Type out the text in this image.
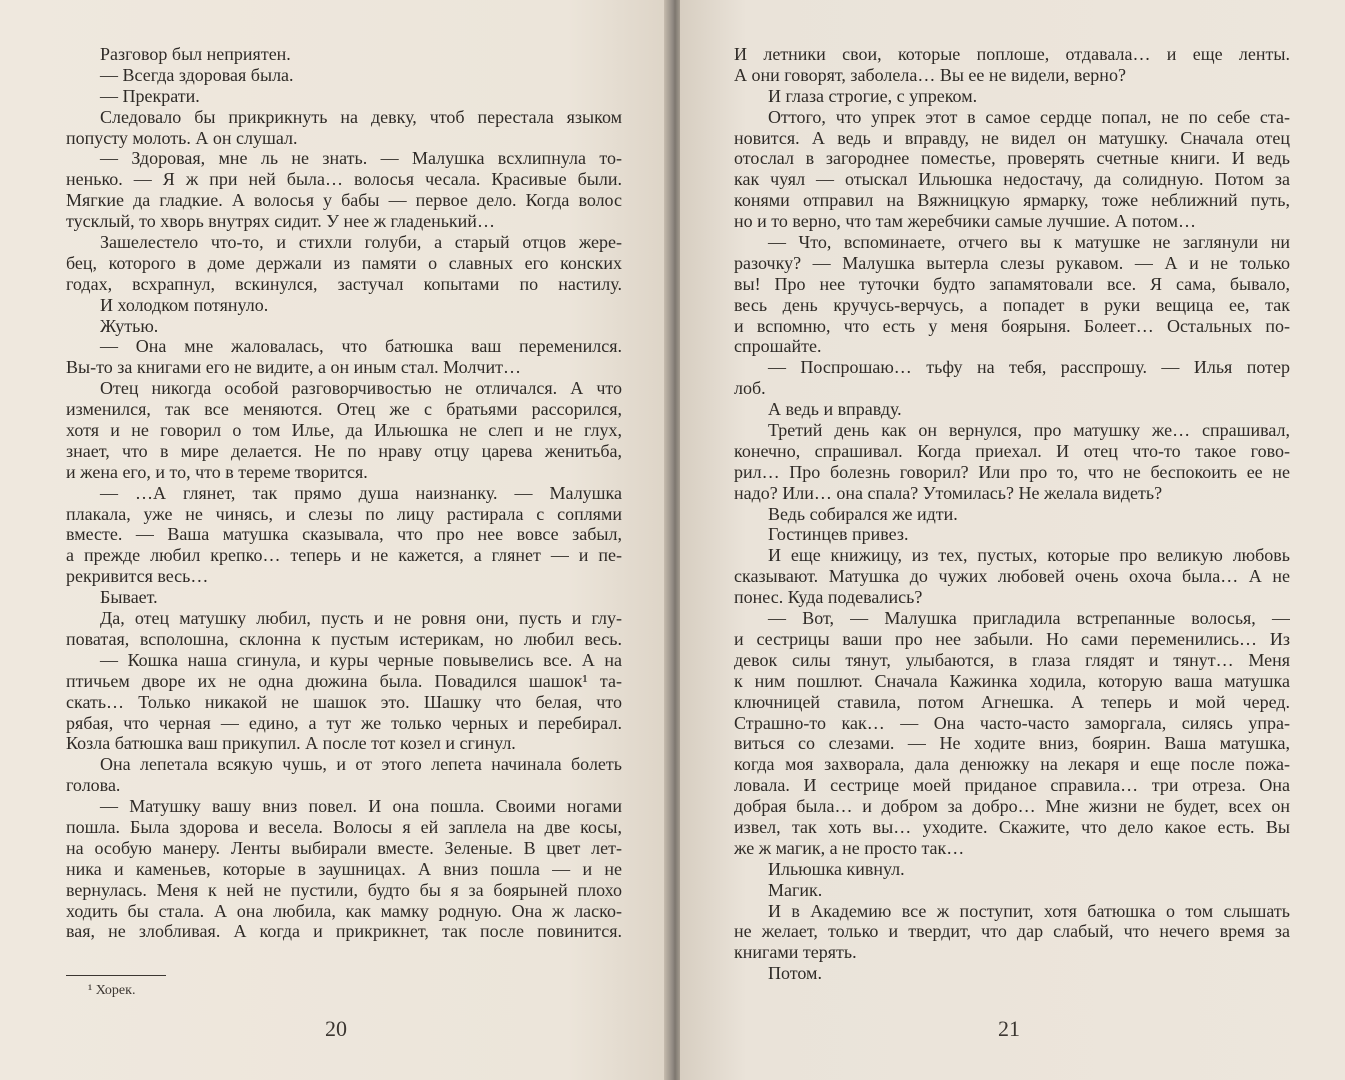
Разговор был неприятен.
— Всегда здоровая была.
— Прекрати.
Следовало бы прикрикнуть на девку, чтоб перестала языком
попусту молоть. А он слушал.
— Здоровая, мне ль не знать. — Малушка всхлипнула то-
ненько. — Я ж при ней была… волосья чесала. Красивые были.
Мягкие да гладкие. А волосья у бабы — первое дело. Когда волос
тусклый, то хворь внутрях сидит. У нее ж гладенький…
Зашелестело что-то, и стихли голуби, а старый отцов жере-
бец, которого в доме держали из памяти о славных его конских
годах, всхрапнул, вскинулся, застучал копытами по настилу.
И холодком потянуло.
Жутью.
— Она мне жаловалась, что батюшка ваш переменился.
Вы-то за книгами его не видите, а он иным стал. Молчит…
Отец никогда особой разговорчивостью не отличался. А что
изменился, так все меняются. Отец же с братьями рассорился,
хотя и не говорил о том Илье, да Ильюшка не слеп и не глух,
знает, что в мире делается. Не по нраву отцу царева женитьба,
и жена его, и то, что в тереме творится.
— …А глянет, так прямо душа наизнанку. — Малушка
плакала, уже не чинясь, и слезы по лицу растирала с соплями
вместе. — Ваша матушка сказывала, что про нее вовсе забыл,
а прежде любил крепко… теперь и не кажется, а глянет — и пе-
рекривится весь…
Бывает.
Да, отец матушку любил, пусть и не ровня они, пусть и глу-
поватая, всполошна, склонна к пустым истерикам, но любил весь.
— Кошка наша сгинула, и куры черные повывелись все. А на
птичьем дворе их не одна дюжина была. Повадился шашок¹ та-
скать… Только никакой не шашок это. Шашку что белая, что
рябая, что черная — едино, а тут же только черных и перебирал.
Козла батюшка ваш прикупил. А после тот козел и сгинул.
Она лепетала всякую чушь, и от этого лепета начинала болеть
голова.
— Матушку вашу вниз повел. И она пошла. Своими ногами
пошла. Была здорова и весела. Волосы я ей заплела на две косы,
на особую манеру. Ленты выбирали вместе. Зеленые. В цвет лет-
ника и каменьев, которые в заушницах. А вниз пошла — и не
вернулась. Меня к ней не пустили, будто бы я за боярыней плохо
ходить бы стала. А она любила, как мамку родную. Она ж ласко-
вая, не злобливая. А когда и прикрикнет, так после повинится.
¹ Хорек.
20
И летники свои, которые поплоше, отдавала… и еще ленты.
А они говорят, заболела… Вы ее не видели, верно?
И глаза строгие, с упреком.
Оттого, что упрек этот в самое сердце попал, не по себе ста-
новится. А ведь и вправду, не видел он матушку. Сначала отец
отослал в загороднее поместье, проверять счетные книги. И ведь
как чуял — отыскал Ильюшка недостачу, да солидную. Потом за
конями отправил на Вяжницкую ярмарку, тоже неближний путь,
но и то верно, что там жеребчики самые лучшие. А потом…
— Что, вспоминаете, отчего вы к матушке не заглянули ни
разочку? — Малушка вытерла слезы рукавом. — А и не только
вы! Про нее туточки будто запамятовали все. Я сама, бывало,
весь день кручусь-верчусь, а попадет в руки вещица ее, так
и вспомню, что есть у меня боярыня. Болеет… Остальных по-
спрошайте.
— Поспрошаю… тьфу на тебя, расспрошу. — Илья потер
лоб.
А ведь и вправду.
Третий день как он вернулся, про матушку же… спрашивал,
конечно, спрашивал. Когда приехал. И отец что-то такое гово-
рил… Про болезнь говорил? Или про то, что не беспокоить ее не
надо? Или… она спала? Утомилась? Не желала видеть?
Ведь собирался же идти.
Гостинцев привез.
И еще книжицу, из тех, пустых, которые про великую любовь
сказывают. Матушка до чужих любовей очень охоча была… А не
понес. Куда подевались?
— Вот, — Малушка пригладила встрепанные волосья, —
и сестрицы ваши про нее забыли. Но сами переменились… Из
девок силы тянут, улыбаются, в глаза глядят и тянут… Меня
к ним пошлют. Сначала Кажинка ходила, которую ваша матушка
ключницей ставила, потом Агнешка. А теперь и мой черед.
Страшно-то как… — Она часто-часто заморгала, силясь упра-
виться со слезами. — Не ходите вниз, боярин. Ваша матушка,
когда моя захворала, дала денюжку на лекаря и еще после пожа-
ловала. И сестрице моей приданое справила… три отреза. Она
добрая была… и добром за добро… Мне жизни не будет, всех он
извел, так хоть вы… уходите. Скажите, что дело какое есть. Вы
же ж магик, а не просто так…
Ильюшка кивнул.
Магик.
И в Академию все ж поступит, хотя батюшка о том слышать
не желает, только и твердит, что дар слабый, что нечего время за
книгами терять.
Потом.
21
